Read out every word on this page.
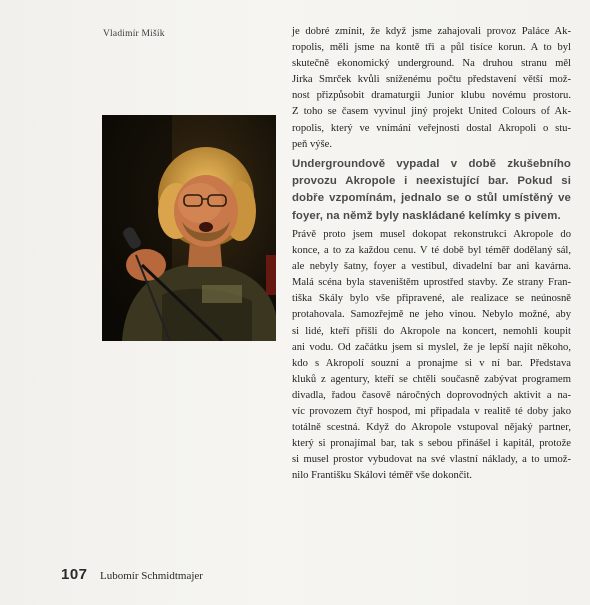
Vladimír Mišík	je dobré zmínit, že když jsme zahajovali provoz Paláce Ak-
ropolis, měli jsme na kontě tři a půl tisíce korun. A to byl
skutečně ekonomický underground. Na druhou stranu měl
Jirka Smrček kvůli sníženému počtu představení větší mož-
nost přizpůsobit dramaturgii Junior klubu novému prostoru.
Z toho se časem vyvinul jiný projekt United Colours of Ak-
ropolis, který ve vnímání veřejnosti dostal Akropoli o stu-
peň výše.

Undergroundově vypadal v době zkušebního
provozu Akropole i neexistující bar. Pokud si
dobře vzpomínám, jednalo se o stůl umístěný ve
foyer, na němž byly naskládané kelímky s pivem.

Právě proto jsem musel dokopat rekonstrukci Akropole do
konce, a to za každou cenu. V té době byl téměř dodělaný sál,
ale nebyly šatny, foyer a vestibul, divadelní bar ani kavárna.
Malá scéna byla staveništěm uprostřed stavby. Ze strany Fran-
tiška Skály bylo vše připravené, ale realizace se neúnosně
protahovala. Samozřejmě ne jeho vinou. Nebylo možné, aby
si lidé, kteří přišli do Akropole na koncert, nemohli koupit
ani vodu. Od začátku jsem si myslel, že je lepší najít někoho,
kdo s Akropolí souzní a pronajme si v ní bar. Představa
kluků z agentury, kteří se chtěli současně zabývat programem
divadla, řadou časově náročných doprovodných aktivit a na-
víc provozem čtyř hospod, mi připadala v realitě té doby jako
totálně scestná. Když do Akropole vstupoval nějaký partner,
který si pronajímal bar, tak s sebou přinášel i kapitál, protože
si musel prostor vybudovat na své vlastní náklady, a to umož-
nilo Františku Skálovi téměř vše dokončit.

107 Lubomír Schmidtmajer
